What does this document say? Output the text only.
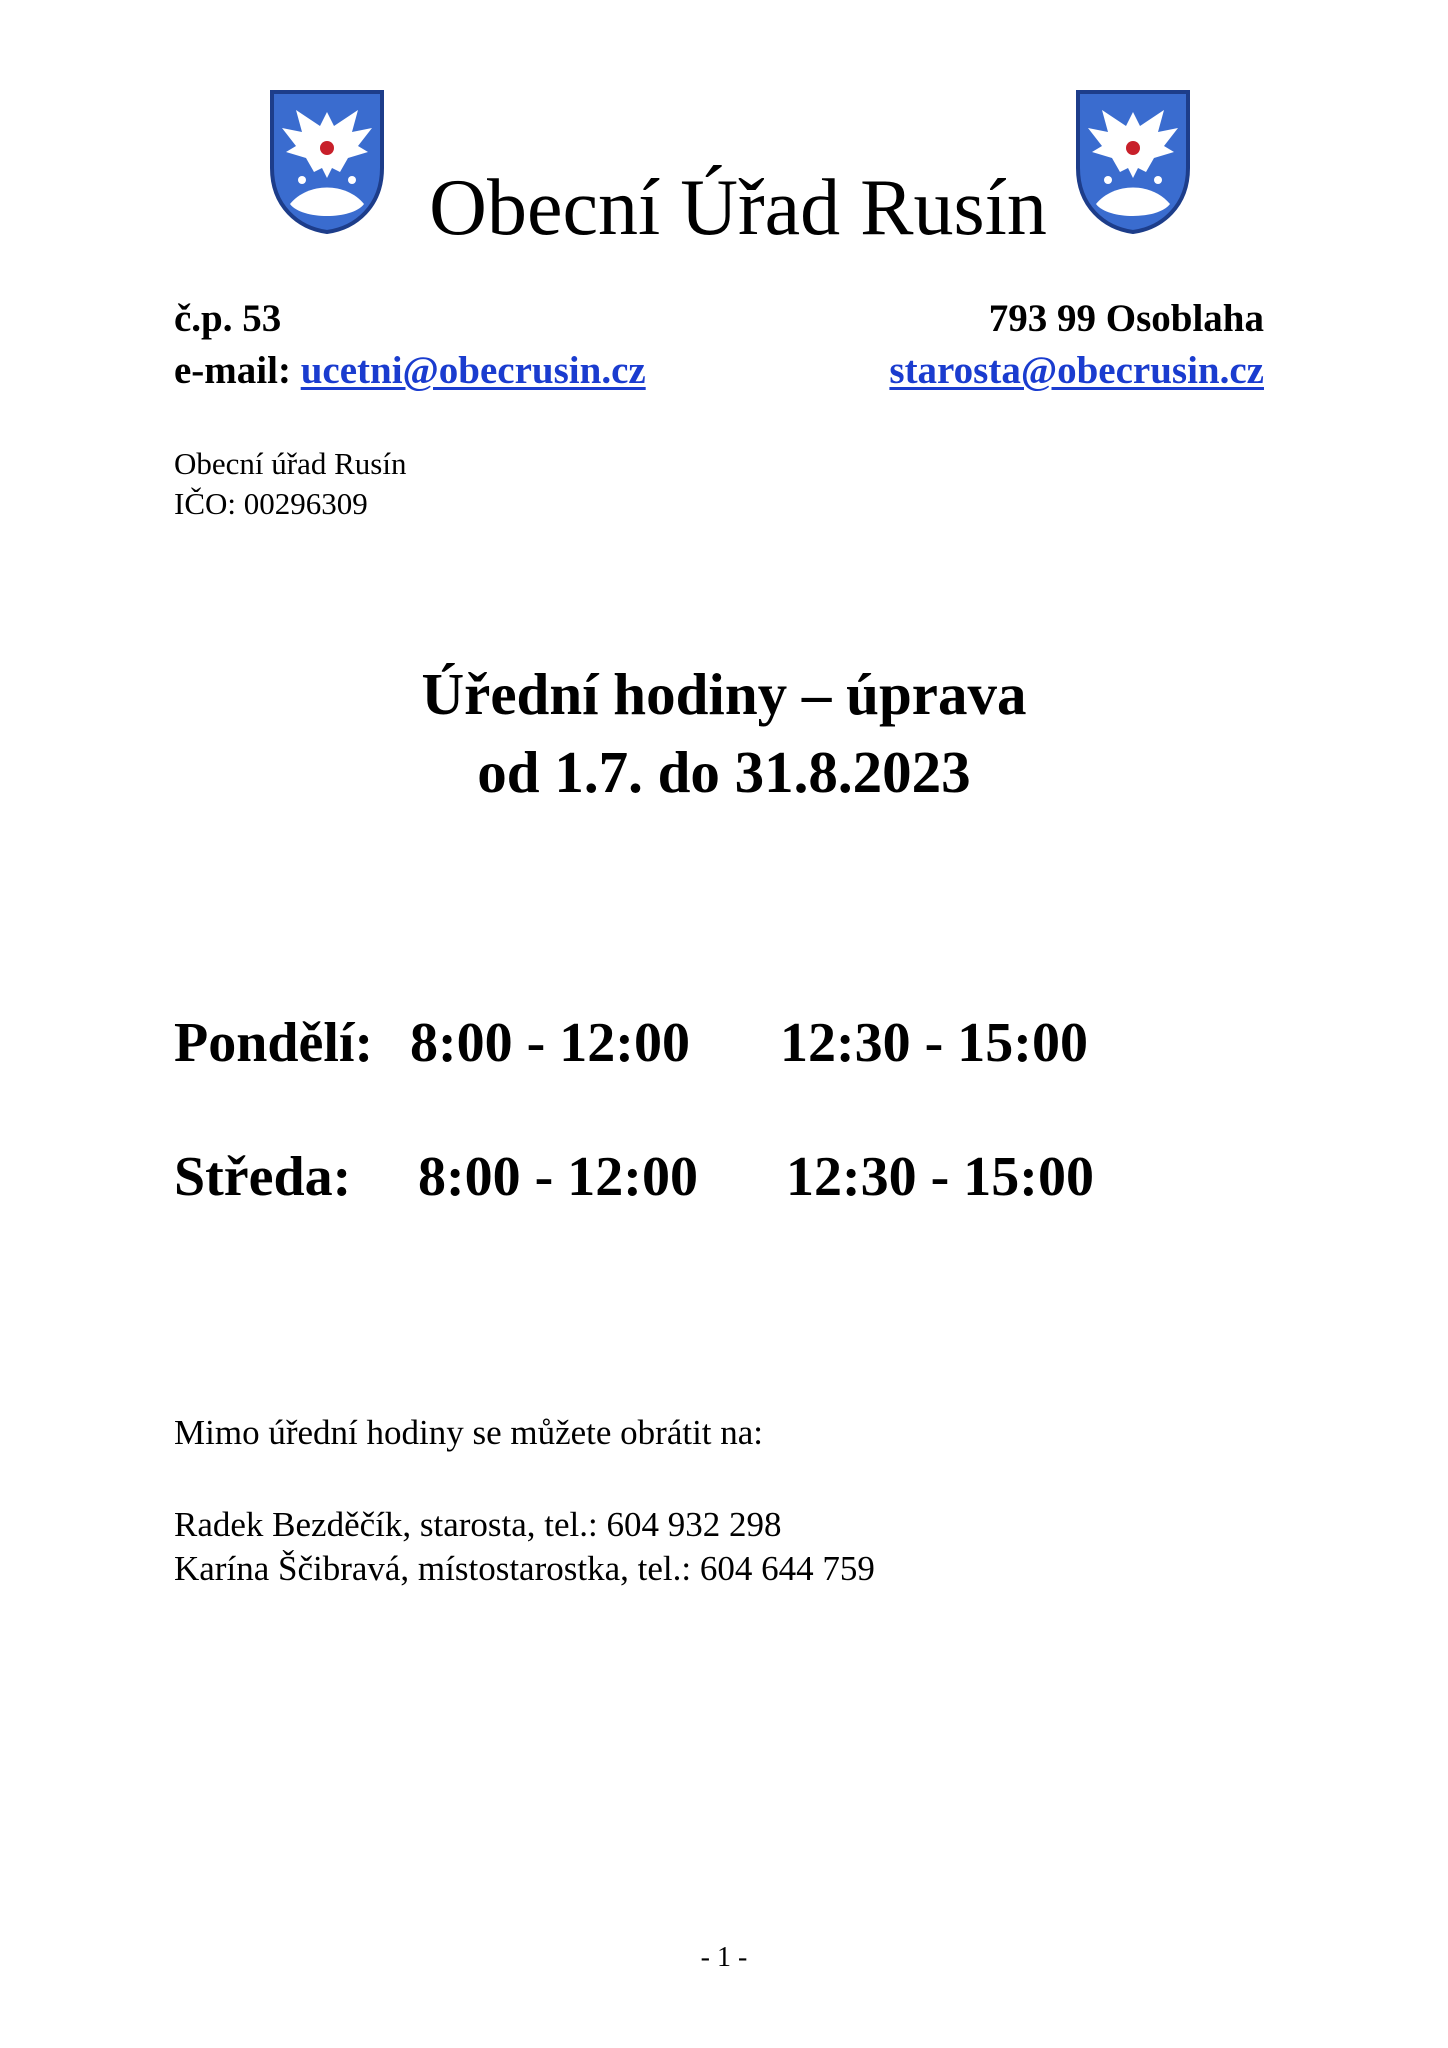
Obecní Úřad Rusín
č.p. 53	793 99 Osoblaha
e-mail: ucetni@obecrusin.cz	starosta@obecrusin.cz
Obecní úřad Rusín
IČO: 00296309
Úřední hodiny – úprava
od 1.7. do 31.8.2023
Pondělí: 8:00 - 12:00 12:30 - 15:00
Středa: 8:00 - 12:00 12:30 - 15:00
Mimo úřední hodiny se můžete obrátit na:
Radek Bezděčík, starosta, tel.: 604 932 298
Karína Ščibravá, místostarostka, tel.: 604 644 759
- 1 -
